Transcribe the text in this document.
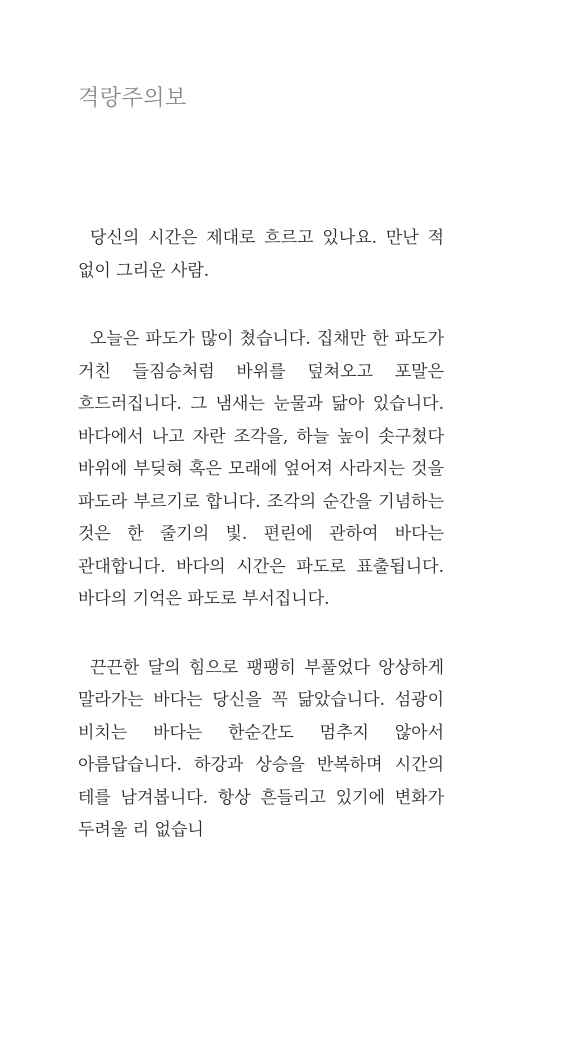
격랑주의보

당신의 시간은 제대로 흐르고 있나요. 만난 적 없이 그리운 사람.

오늘은 파도가 많이 쳤습니다. 집채만 한 파도가 거친 들짐승처럼 바위를 덮쳐오고 포말은 흐드러집니다. 그 냄새는 눈물과 닮아 있습니다. 바다에서 나고 자란 조각을, 하늘 높이 솟구쳤다 바위에 부딪혀 혹은 모래에 엎어져 사라지는 것을 파도라 부르기로 합니다. 조각의 순간을 기념하는 것은 한 줄기의 빛. 편린에 관하여 바다는 관대합니다. 바다의 시간은 파도로 표출됩니다. 바다의 기억은 파도로 부서집니다.

끈끈한 달의 힘으로 팽팽히 부풀었다 앙상하게 말라가는 바다는 당신을 꼭 닮았습니다. 섬광이 비치는 바다는 한순간도 멈추지 않아서 아름답습니다. 하강과 상승을 반복하며 시간의 테를 남겨봅니다. 항상 흔들리고 있기에 변화가 두려울 리 없습니
